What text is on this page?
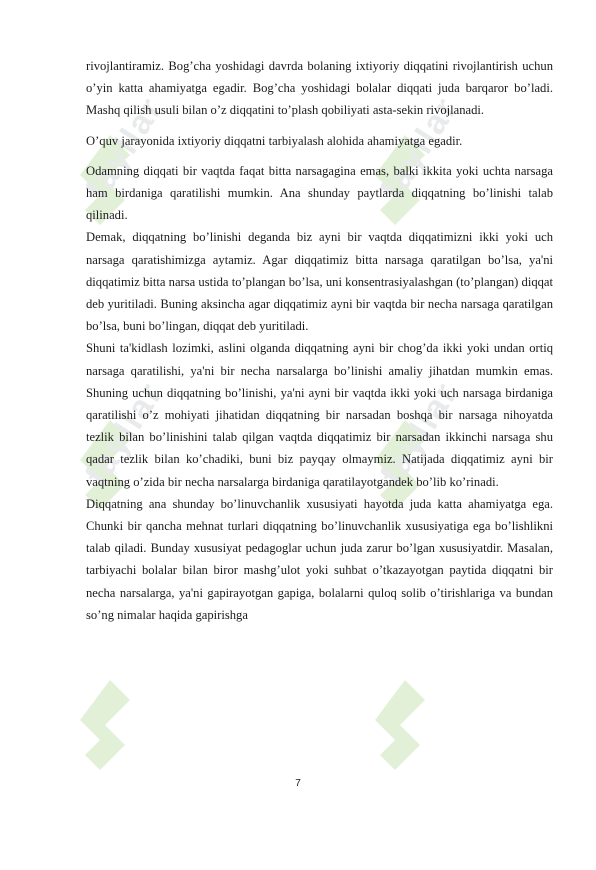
fayllar	fayllar
fayllar	fayllar

rivojlantiramiz. Bog’cha yoshidagi davrda bolaning ixtiyoriy diqqatini rivojlantirish uchun o’yin katta ahamiyatga egadir. Bog’cha yoshidagi bolalar diqqati juda barqaror bo’ladi. Mashq qilish usuli bilan o’z diqqatini to’plash qobiliyati asta-sekin rivojlanadi.

O’quv jarayonida ixtiyoriy diqqatni tarbiyalash alohida ahamiyatga egadir.

Odamning diqqati bir vaqtda faqat bitta narsagagina emas, balki ikkita yoki uchta narsaga ham birdaniga qaratilishi mumkin. Ana shunday paytlarda diqqatning bo’linishi talab qilinadi.

Demak, diqqatning bo’linishi deganda biz ayni bir vaqtda diqqatimizni ikki yoki uch narsaga qaratishimizga aytamiz. Agar diqqatimiz bitta narsaga qaratilgan bo’lsa, ya'ni diqqatimiz bitta narsa ustida to’plangan bo’lsa, uni konsentrasiyalashgan (to’plangan) diqqat deb yuritiladi. Buning aksincha agar diqqatimiz ayni bir vaqtda bir necha narsaga qaratilgan bo’lsa, buni bo’lingan, diqqat deb yuritiladi.

Shuni ta'kidlash lozimki, aslini olganda diqqatning ayni bir chog’da ikki yoki undan ortiq narsaga qaratilishi, ya'ni bir necha narsalarga bo’linishi amaliy jihatdan mumkin emas. Shuning uchun diqqatning bo’linishi, ya'ni ayni bir vaqtda ikki yoki uch narsaga birdaniga qaratilishi o’z mohiyati jihatidan diqqatning bir narsadan boshqa bir narsaga nihoyatda tezlik bilan bo’linishini talab qilgan vaqtda diqqatimiz bir narsadan ikkinchi narsaga shu qadar tezlik bilan ko’chadiki, buni biz payqay olmaymiz. Natijada diqqatimiz ayni bir vaqtning o’zida bir necha narsalarga birdaniga qaratilayotgandek bo’lib ko’rinadi.

Diqqatning ana shunday bo’linuvchanlik xususiyati hayotda juda katta ahamiyatga ega. Chunki bir qancha mehnat turlari diqqatning bo’linuvchanlik xususiyatiga ega bo’lishlikni talab qiladi. Bunday xususiyat pedagoglar uchun juda zarur bo’lgan xususiyatdir. Masalan, tarbiyachi bolalar bilan biror mashg’ulot yoki suhbat o’tkazayotgan paytida diqqatni bir necha narsalarga, ya'ni gapirayotgan gapiga, bolalarni quloq solib o’tirishlariga va bundan so’ng nimalar haqida gapirishga

7
